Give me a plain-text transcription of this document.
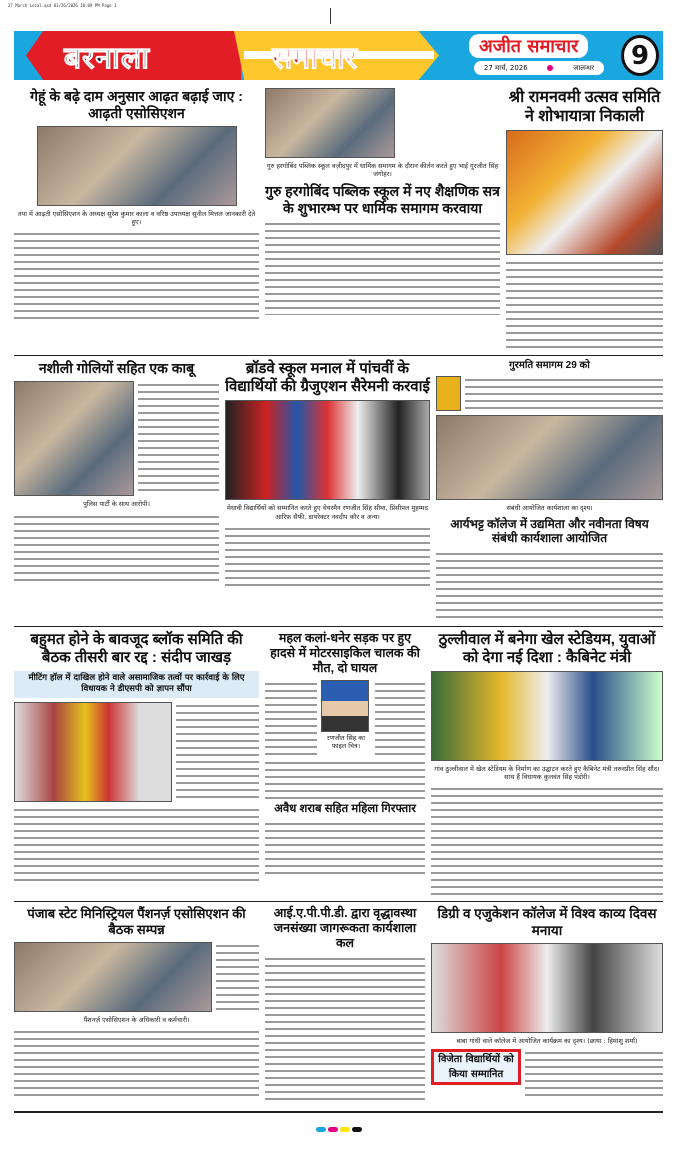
27 March Local.qxd 03/26/2026 10:09 PM Page 1
बरनाला	समाचार	अजीत समाचार
27 मार्च, 2026	जालन्धर	9
गेहूं के बढ़े दाम अनुसार आढ़त बढ़ाई जाए : आढ़ती एसोसिएशन
तपा में आढ़ती एसोसिएशन के अध्यक्ष सुरेश कुमार काला व वरिष्ठ उपाध्यक्ष सुनील मित्तल जानकारी देते हुए।
गुरु हरगोबिंद पब्लिक स्कूल वज़ीदपुर में धार्मिक समागम के दौरान कीर्तन करते हुए भाई गुरजीत सिंह जंगोहर।
गुरु हरगोबिंद पब्लिक स्कूल में नए शैक्षणिक सत्र के शुभारम्भ पर धार्मिक समागम करवाया
श्री रामनवमी उत्सव समिति ने शोभायात्रा निकाली
नशीली गोलियों सहित एक काबू
पुलिस पार्टी के साथ आरोपी।
ब्रॉडवे स्कूल मनाल में पांचवीं के विद्यार्थियों की ग्रैजुएशन सैरेमनी करवाई
मेधावी विद्यार्थियों को सम्मानित करते हुए चेयरमैन रणजीत सिंह सीमा, प्रिंसीपल मुहम्मद आरिफ़ सैफी, डायरेक्टर नवदीप कौर व अन्य।
गुरमति समागम 29 को
संबंधी आयोजित कार्यशाला का दृश्य।
आर्यभट्ट कॉलेज में उद्यमिता और नवीनता विषय संबंधी कार्यशाला आयोजित
बहुमत होने के बावजूद ब्लॉक समिति की बैठक तीसरी बार रद्द : संदीप जाखड़
मीटिंग हॉल में दाखिल होने वाले असामाजिक तत्वों पर कार्रवाई के लिए विधायक ने डीएसपी को ज्ञापन सौंपा
महल कलां-धनेर सड़क पर हुए हादसे में मोटरसाइकिल चालक की मौत, दो घायल
रणजीत सिंह का फाइल चित्र।
अवैध शराब सहित महिला गिरफ्तार
ठुल्लीवाल में बनेगा खेल स्टेडियम, युवाओं को देगा नई दिशा : कैबिनेट मंत्री
गांव ठुल्लीवाल में खेल स्टेडियम के निर्माण का उद्घाटन करते हुए कैबिनेट मंत्री तरुनप्रीत सिंह सौंद। साथ हैं विधायक कुलवंत सिंह पंडोरी।
पंजाब स्टेट मिनिस्ट्रियल पैंशनर्ज़ एसोसिएशन की बैठक सम्पन्न
पैंशनर्ज़ एसोसिएशन के अधिकारी व कर्मचारी।
आई.ए.पी.पी.डी. द्वारा वृद्धावस्था जनसंख्या जागरूकता कार्यशाला कल
डिग्री व एजुकेशन कॉलेज में विश्व काव्य दिवस मनाया
बाबा गांधी वाले कॉलेज में आयोजित कार्यक्रम का दृश्य। (छाया : हिमांशु शर्मा)
विजेता विद्यार्थियों को किया सम्मानित
